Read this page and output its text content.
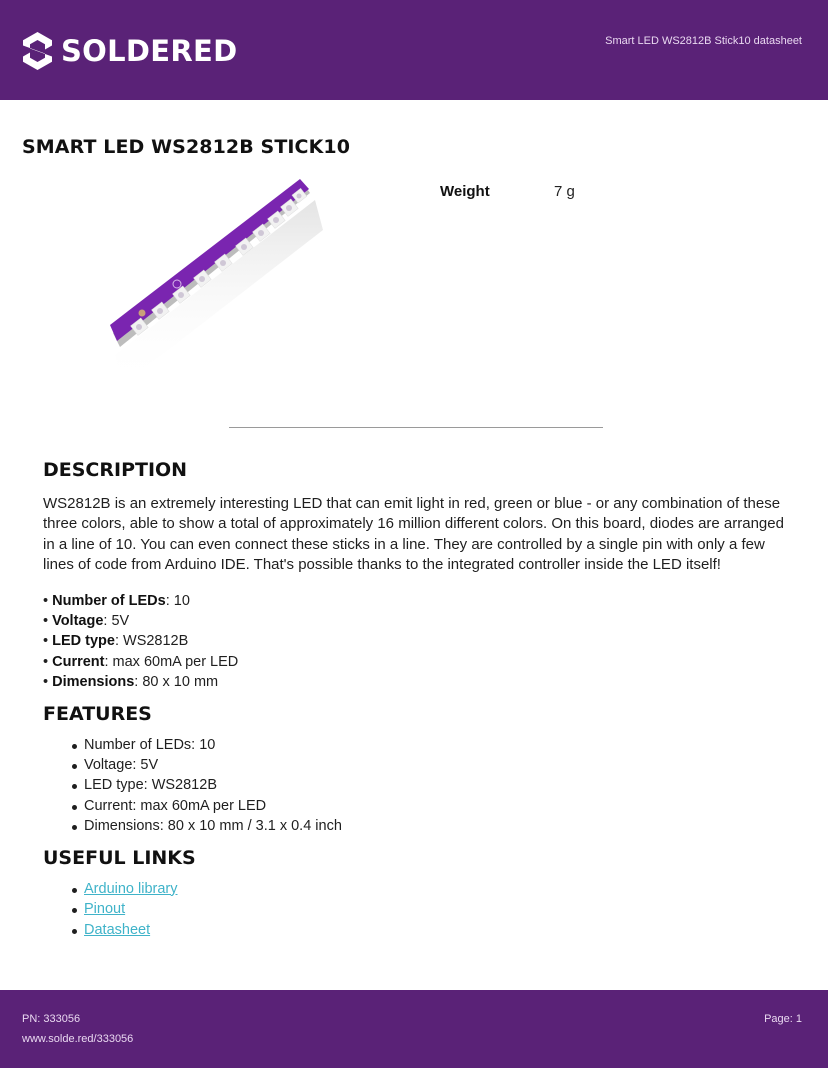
SOLDERED	Smart LED WS2812B Stick10 datasheet
SMART LED WS2812B STICK10
Weight	7 g
DESCRIPTION

WS2812B is an extremely interesting LED that can emit light in red, green or blue - or any combination of these three colors, able to show a total of approximately 16 million different colors. On this board, diodes are arranged in a line of 10. You can even connect these sticks in a line. They are controlled by a single pin with only a few lines of code from Arduino IDE. That's possible thanks to the integrated controller inside the LED itself!

• Number of LEDs: 10
• Voltage: 5V
• LED type: WS2812B
• Current: max 60mA per LED
• Dimensions: 80 x 10 mm
FEATURES
Number of LEDs: 10
Voltage: 5V
LED type: WS2812B
Current: max 60mA per LED
Dimensions: 80 x 10 mm / 3.1 x 0.4 inch
USEFUL LINKS
Arduino library
Pinout
Datasheet
PN: 333056
www.solde.red/333056
Page: 1
